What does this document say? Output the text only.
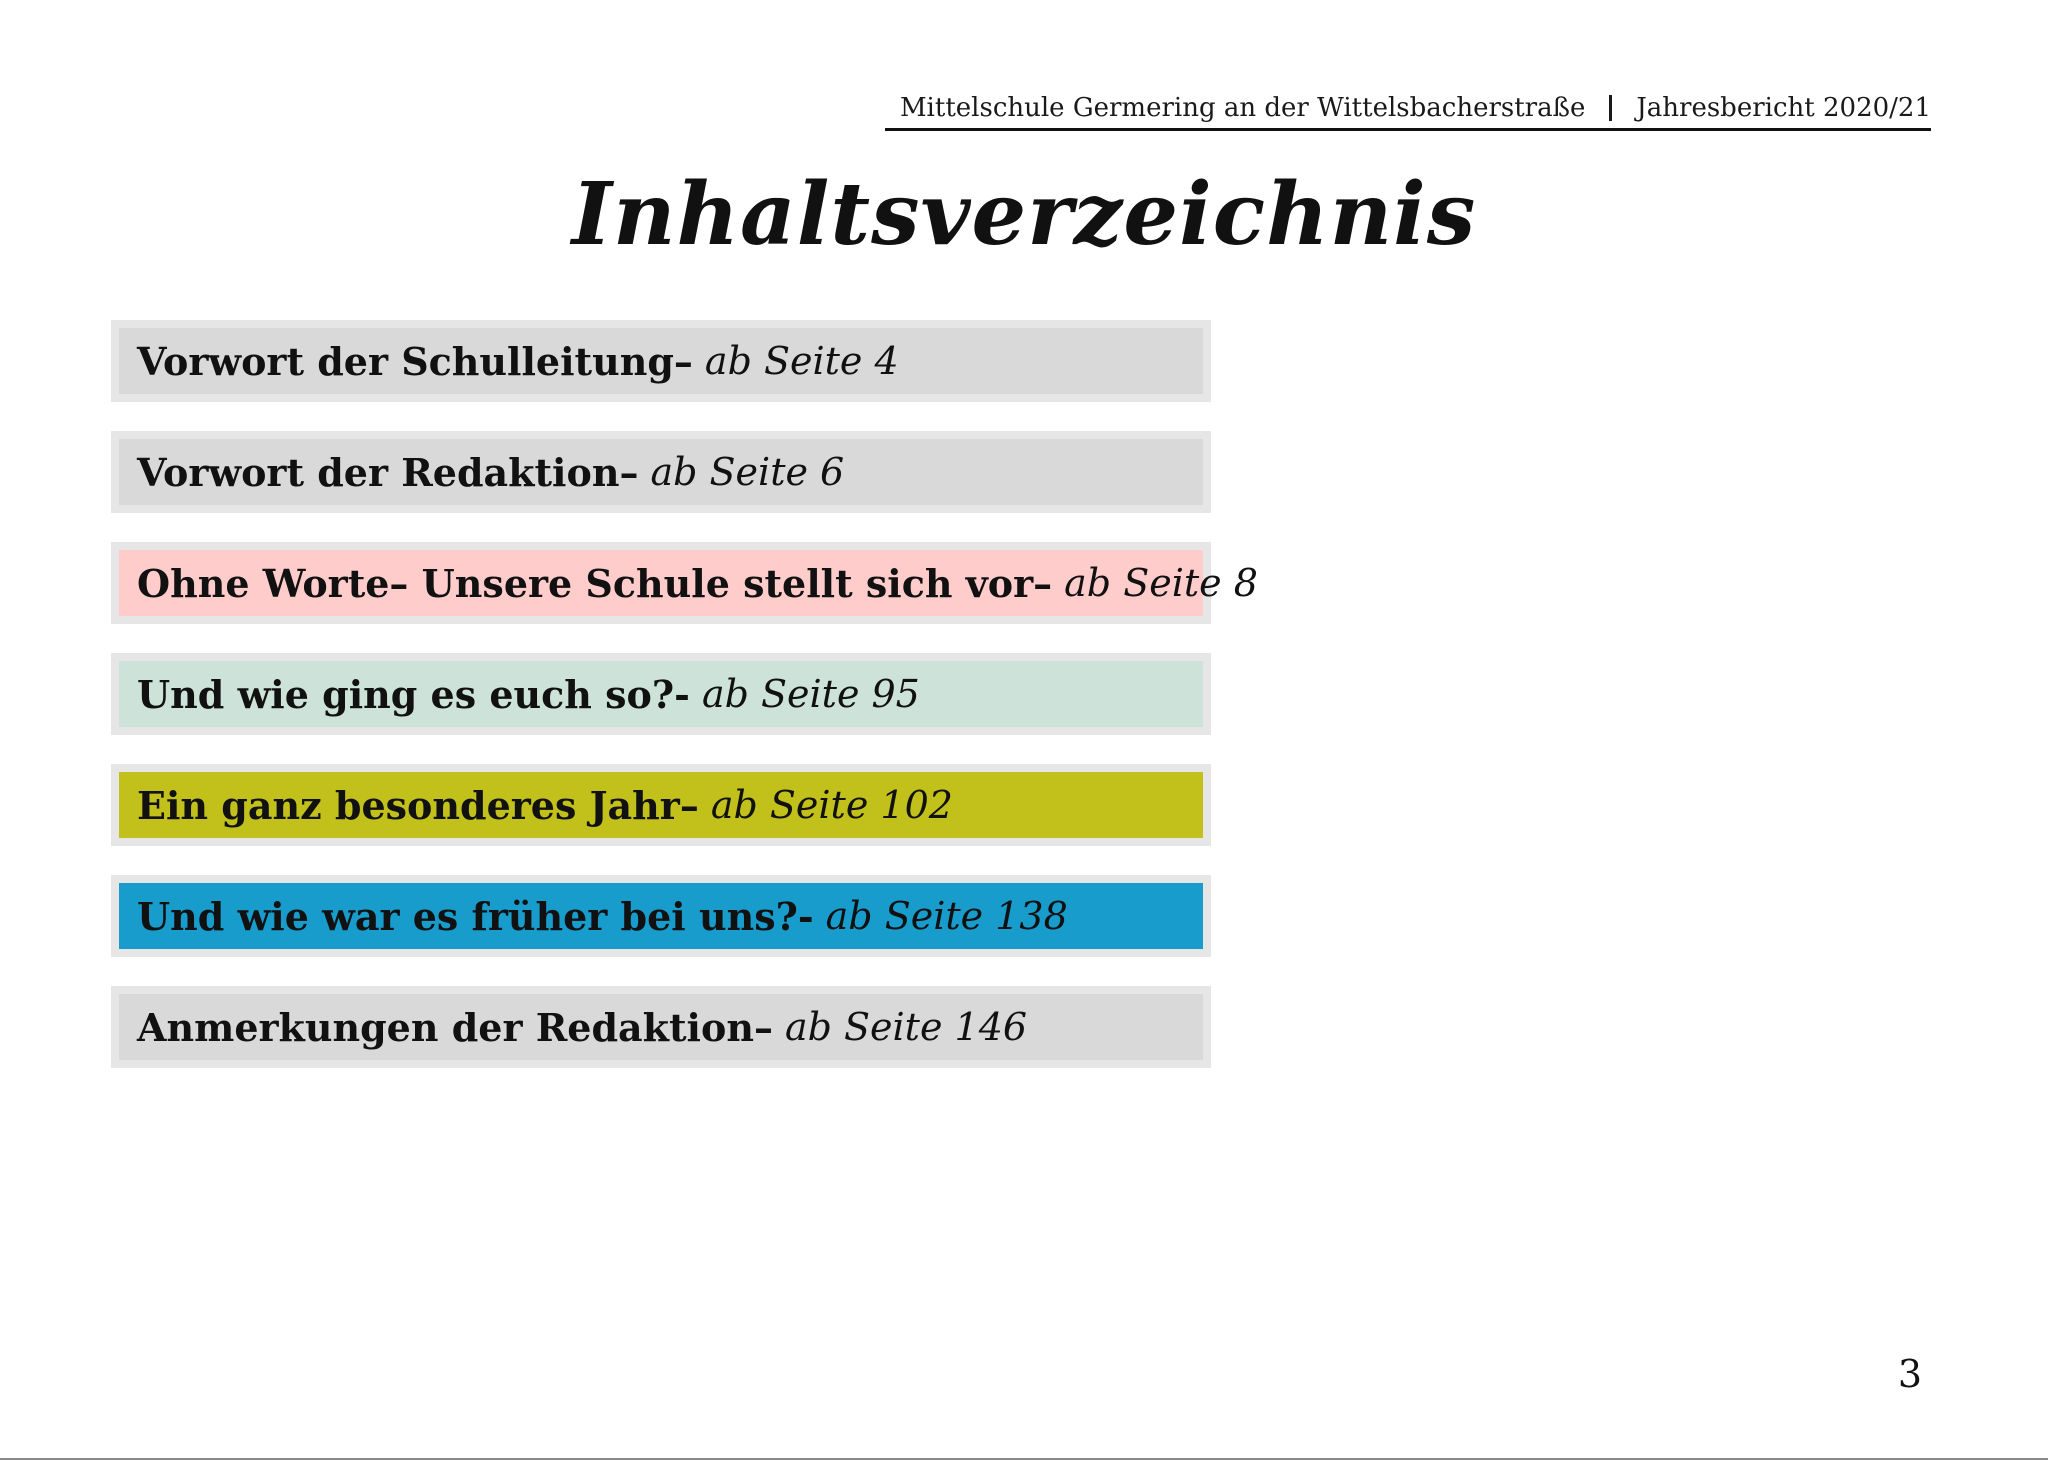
Mittelschule Germering an der Wittelsbacherstraße Jahresbericht 2020/21
Inhaltsverzeichnis
Vorwort der Schulleitung– ab Seite 4
Vorwort der Redaktion– ab Seite 6
Ohne Worte– Unsere Schule stellt sich vor– ab Seite 8
Und wie ging es euch so?- ab Seite 95
Ein ganz besonderes Jahr– ab Seite 102
Und wie war es früher bei uns?- ab Seite 138
Anmerkungen der Redaktion– ab Seite 146
3
